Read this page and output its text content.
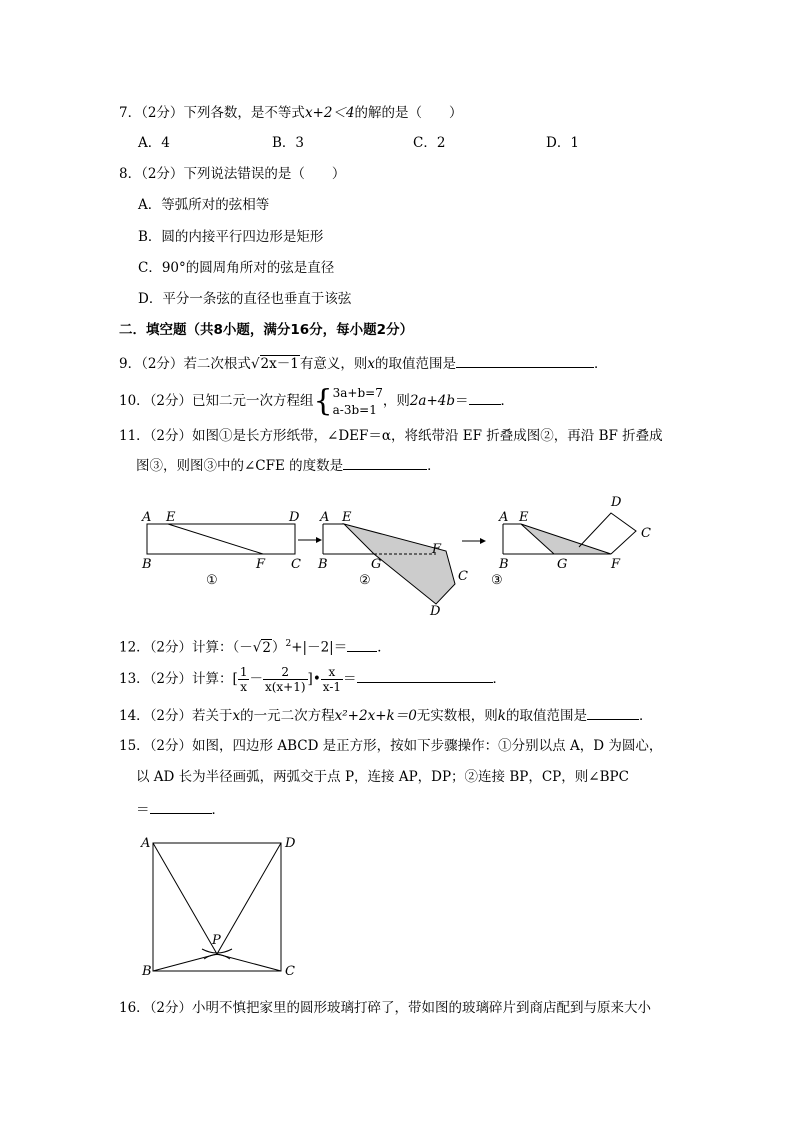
7．（2分）下列各数，是不等式x+2＜4的解的是（　　）
A．4	B．3	C．2	D．1
8．（2分）下列说法错误的是（　　）
A．等弧所对的弦相等
B．圆的内接平行四边形是矩形
C．90°的圆周角所对的弦是直径
D．平分一条弦的直径也垂直于该弦
二．填空题（共8小题，满分16分，每小题2分）
9．（2分）若二次根式√2x－1有意义，则x的取值范围是	．
10．（2分）已知二元一次方程组{ 3a+b=7
a-3b=1
，则2a+4b＝ ．
11．（2分）如图①是长方形纸带，∠DEF＝α，将纸带沿 EF 折叠成图②，再沿 BF 折叠成
图③，则图③中的∠CFE 的度数是	．
A E	D
B	F C
①
A E
B	G
F
C
D
②
A E
D
C
B	G	F
③
12．（2分）计算：$(-√2)^2+|-2|=$ ．
13．（2分）计算：[ $\frac{1}{x} - \frac{2}{x(x+1)}$ ]• $\frac{x}{x-1}$ ＝	．
14．（2分）若关于x的一元二次方程x²+2x+k＝0无实数根，则k的取值范围是	．
15．（2分）如图，四边形 ABCD 是正方形，按如下步骤操作：①分别以点 A，D 为圆心，
以 AD 长为半径画弧，两弧交于点 P，连接 AP，DP；②连接 BP，CP，则∠BPC
＝	．
A	D
B	C
P
16．（2分）小明不慎把家里的圆形玻璃打碎了，带如图的玻璃碎片到商店配到与原来大小
